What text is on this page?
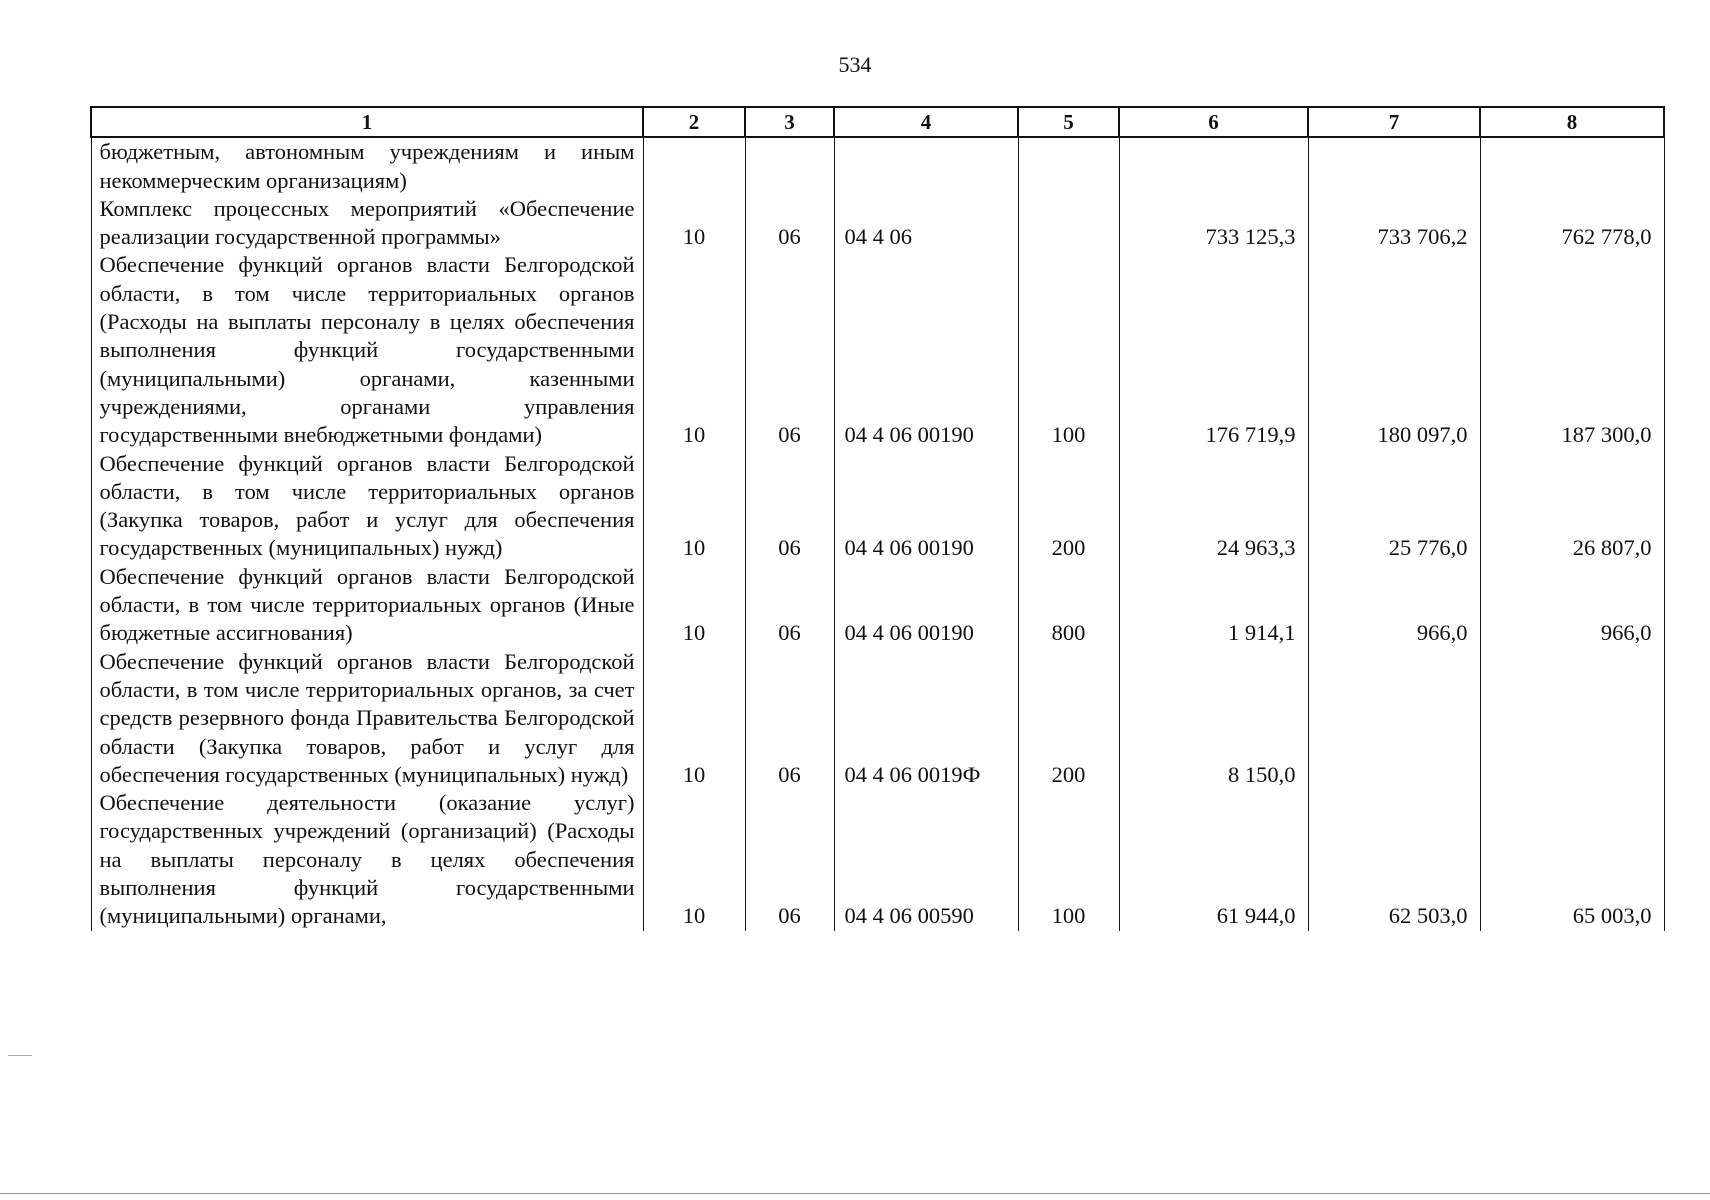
534
1	2	3	4	5	6	7	8

бюджетным, автономным учреждениям и иным некоммерческим организациям)							

Комплекс процессных мероприятий «Обеспечение реализации государственной программы»	10	06	04 4 06		733 125,3	733 706,2	762 778,0

Обеспечение функций органов власти Белгородской области, в том числе территориальных органов (Расходы на выплаты персоналу в целях обеспечения выполнения функций государственными (муниципальными) органами, казенными учреждениями, органами управления государственными внебюджетными фондами)	10	06	04 4 06 00190	100	176 719,9	180 097,0	187 300,0

Обеспечение функций органов власти Белгородской области, в том числе территориальных органов (Закупка товаров, работ и услуг для обеспечения государственных (муниципальных) нужд)	10	06	04 4 06 00190	200	24 963,3	25 776,0	26 807,0

Обеспечение функций органов власти Белгородской области, в том числе территориальных органов (Иные бюджетные ассигнования)	10	06	04 4 06 00190	800	1 914,1	966,0	966,0

Обеспечение функций органов власти Белгородской области, в том числе территориальных органов, за счет средств резервного фонда Правительства Белгородской области (Закупка товаров, работ и услуг для обеспечения государственных (муниципальных) нужд)	10	06	04 4 06 0019Ф	200	8 150,0		

Обеспечение деятельности (оказание услуг) государственных учреждений (организаций) (Расходы на выплаты персоналу в целях обеспечения выполнения функций государственными (муниципальными) органами,	10	06	04 4 06 00590	100	61 944,0	62 503,0	65 003,0
